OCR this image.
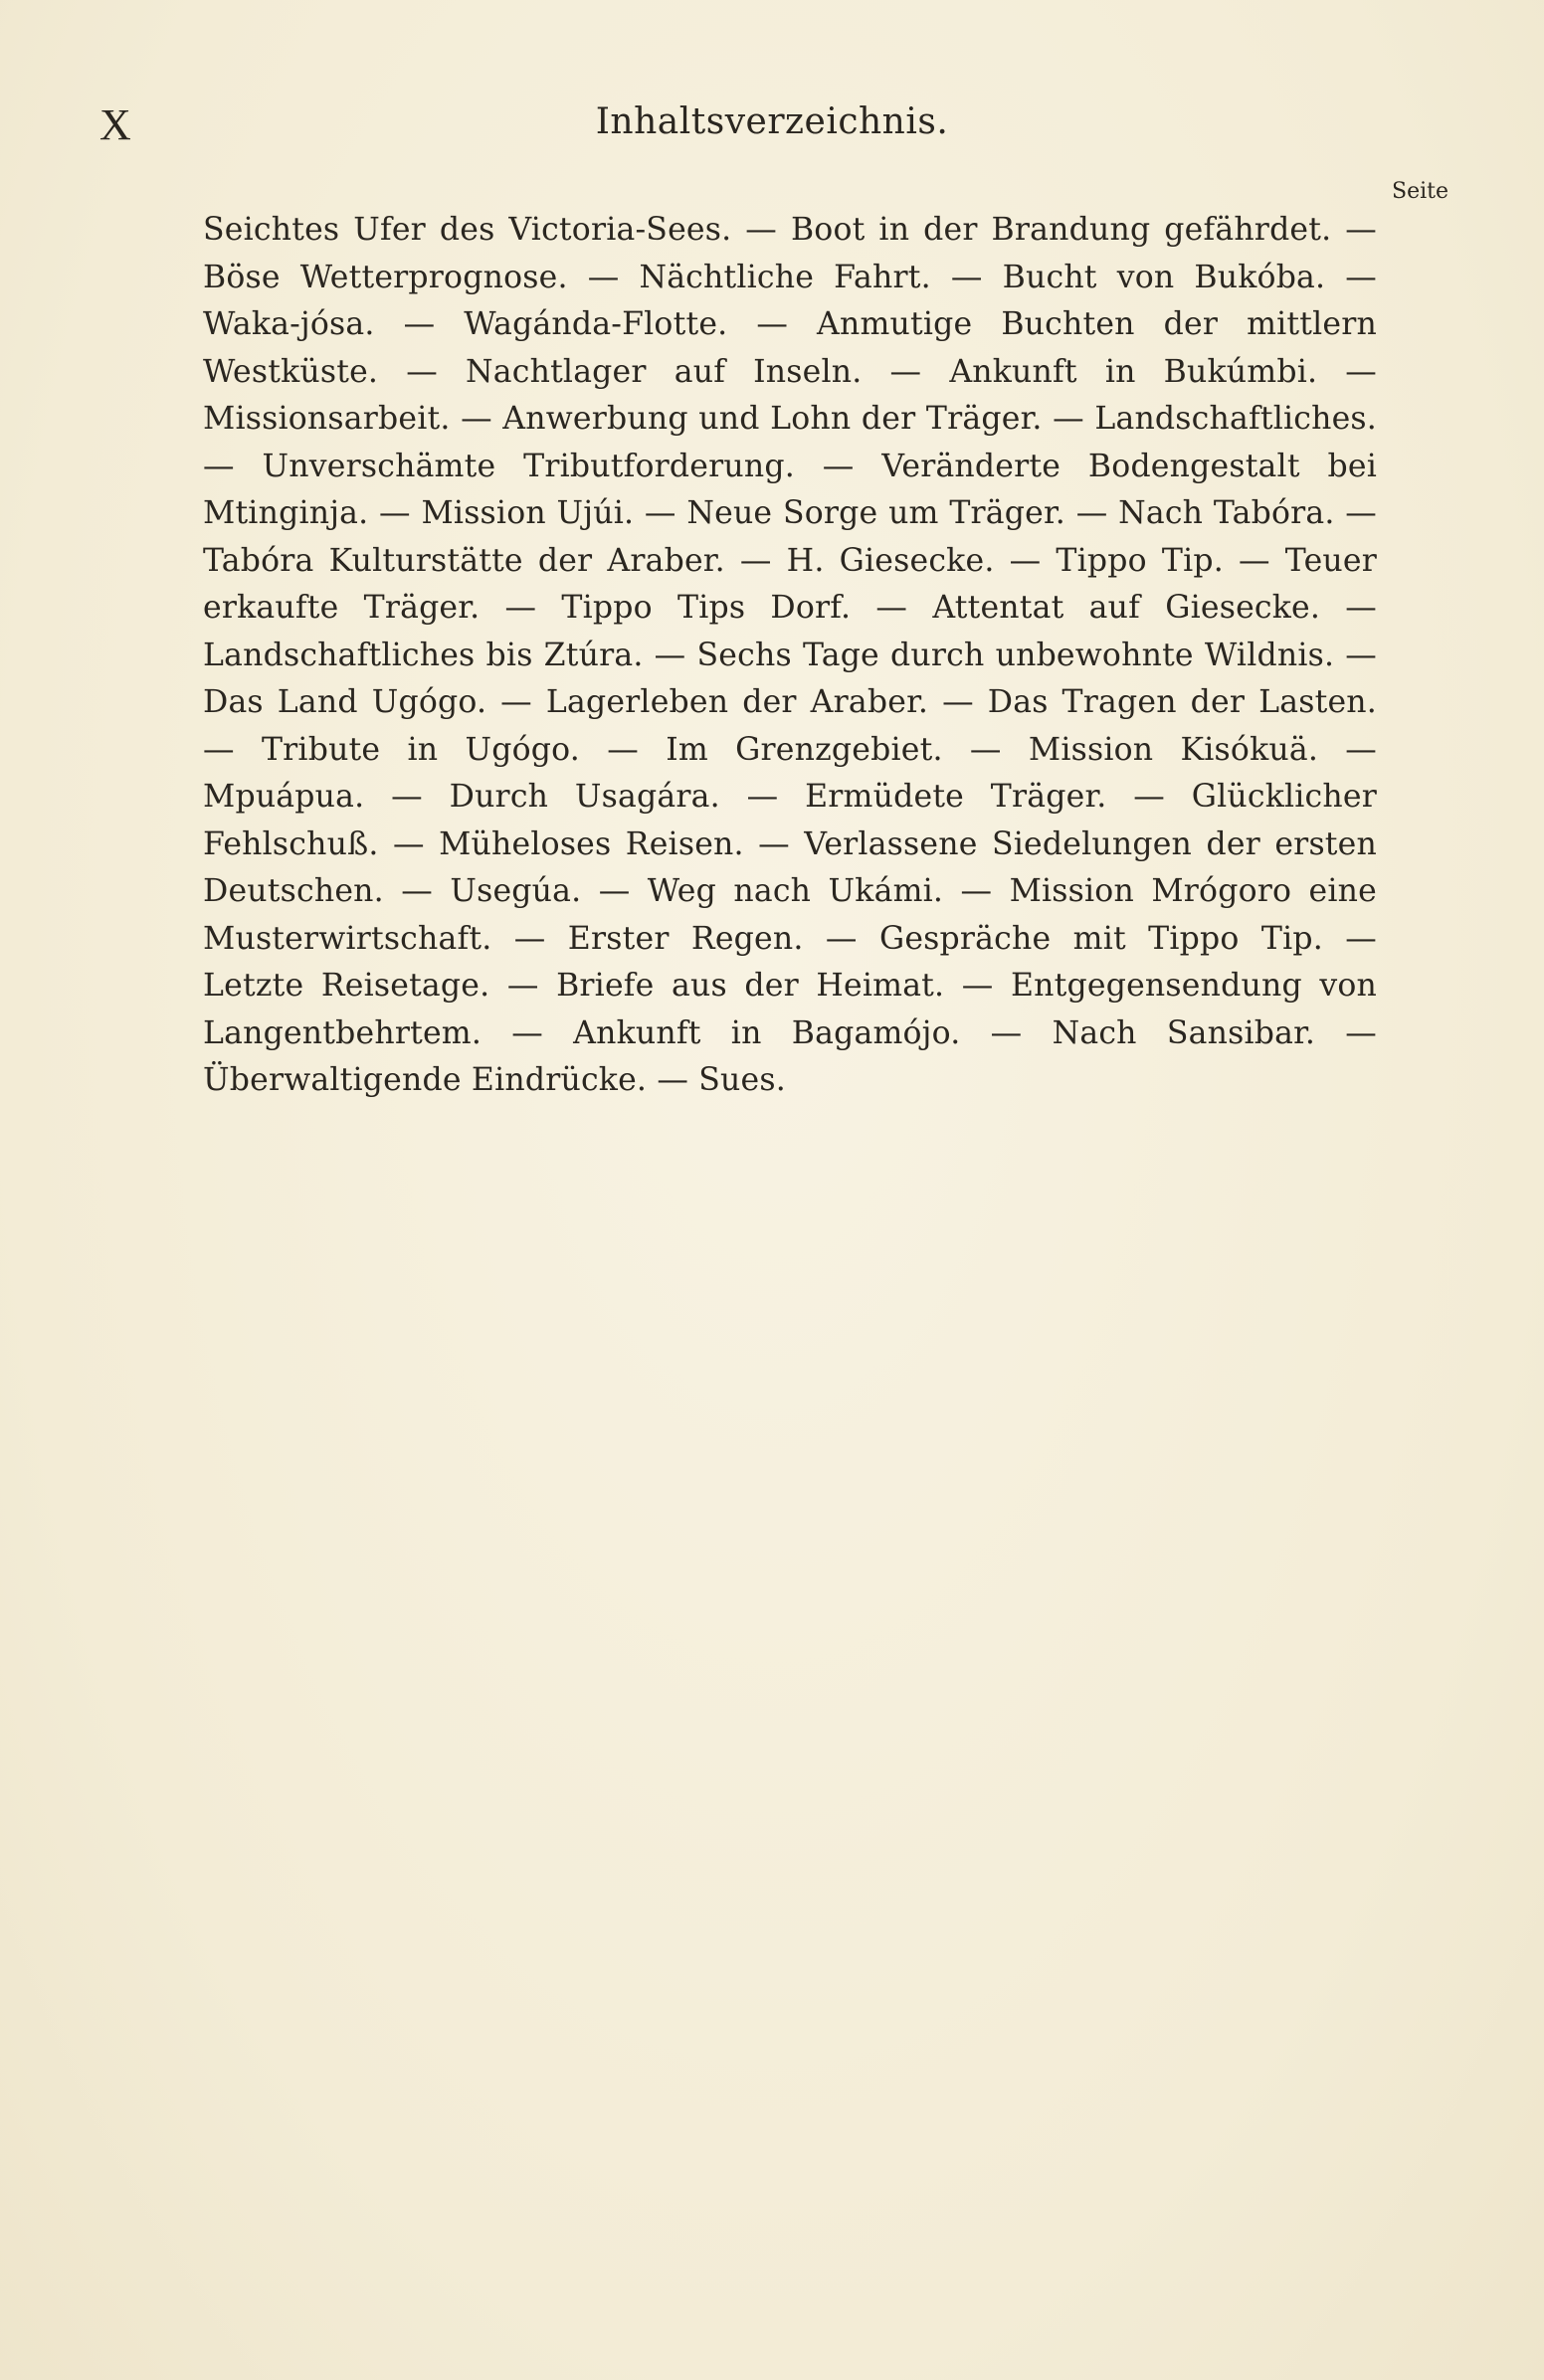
X	Inhaltsverzeichnis.
Seite
Seichtes Ufer des Victoria-Sees. — Boot in der Brandung gefährdet. — Böse Wetterprognose. — Nächtliche Fahrt. — Bucht von Bukóba. — Waka-jósa. — Wagánda-Flotte. — Anmutige Buchten der mittlern Westküste. — Nachtlager auf Inseln. — Ankunft in Bukúmbi. — Missionsarbeit. — Anwerbung und Lohn der Träger. — Landschaftliches. — Unverschämte Tributforderung. — Veränderte Bodengestalt bei Mtinginja. — Mission Ujúi. — Neue Sorge um Träger. — Nach Tabóra. — Tabóra Kulturstätte der Araber. — H. Giesecke. — Tippo Tip. — Teuer erkaufte Träger. — Tippo Tips Dorf. — Attentat auf Giesecke. — Landschaftliches bis Ztúra. — Sechs Tage durch unbewohnte Wildnis. — Das Land Ugógo. — Lagerleben der Araber. — Das Tragen der Lasten. — Tribute in Ugógo. — Im Grenzgebiet. — Mission Kisókuä. — Mpuápua. — Durch Usagára. — Ermüdete Träger. — Glücklicher Fehlschuß. — Müheloses Reisen. — Verlassene Siedelungen der ersten Deutschen. — Usegúa. — Weg nach Ukámi. — Mission Mrógoro eine Musterwirtschaft. — Erster Regen. — Gespräche mit Tippo Tip. — Letzte Reisetage. — Briefe aus der Heimat. — Entgegensendung von Langentbehrtem. — Ankunft in Bagamójo. — Nach Sansibar. — Überwaltigende Eindrücke. — Sues.
